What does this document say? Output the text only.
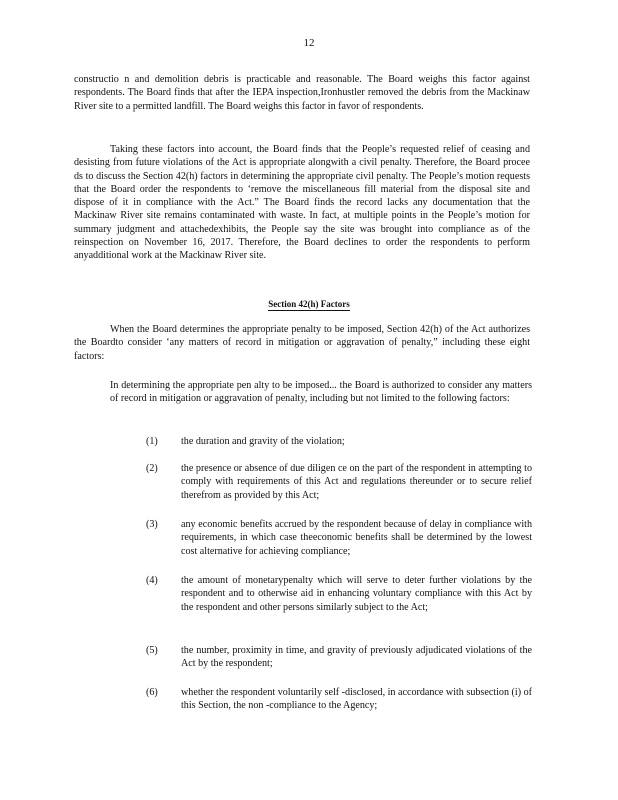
12
constructio n and demolition debris is practicable and reasonable. The Board weighs this factor against respondents. The Board finds that after the IEPA inspection,Ironhustler removed the debris from the Mackinaw River site to a permitted landfill. The Board weighs this factor in favor of respondents.
Taking these factors into account, the Board finds that the People’s requested relief of ceasing and desisting from future violations of the Act is appropriate alongwith a civil penalty. Therefore, the Board procee ds to discuss the Section 42(h) factors in determining the appropriate civil penalty. The People’s motion requests that the Board order the respondents to ‘remove the miscellaneous fill material from the disposal site and dispose of it in compliance with the Act.” The Board finds the record lacks any documentation that the Mackinaw River site remains contaminated with waste. In fact, at multiple points in the People’s motion for summary judgment and attachedexhibits, the People say the site was brought into compliance as of the reinspection on November 16, 2017. Therefore, the Board declines to order the respondents to perform anyadditional work at the Mackinaw River site.
Section 42(h) Factors
When the Board determines the appropriate penalty to be imposed, Section 42(h) of the Act authorizes the Boardto consider ‘any matters of record in mitigation or aggravation of penalty,” including these eight factors:
In determining the appropriate pen alty to be imposed... the Board is authorized to consider any matters of record in mitigation or aggravation of penalty, including but not limited to the following factors:
(1) the duration and gravity of the violation;
(2) the presence or absence of due diligen ce on the part of the respondent in attempting to comply with requirements of this Act and regulations thereunder or to secure relief therefrom as provided by this Act;
(3) any economic benefits accrued by the respondent because of delay in compliance with requirements, in which case theeconomic benefits shall be determined by the lowest cost alternative for achieving compliance;
(4) the amount of monetarypenalty which will serve to deter further violations by the respondent and to otherwise aid in enhancing voluntary compliance with this Act by the respondent and other persons similarly subject to the Act;
(5) the number, proximity in time, and gravity of previously adjudicated violations of the Act by the respondent;
(6) whether the respondent voluntarily self -disclosed, in accordance with subsection (i) of this Section, the non -compliance to the Agency;
